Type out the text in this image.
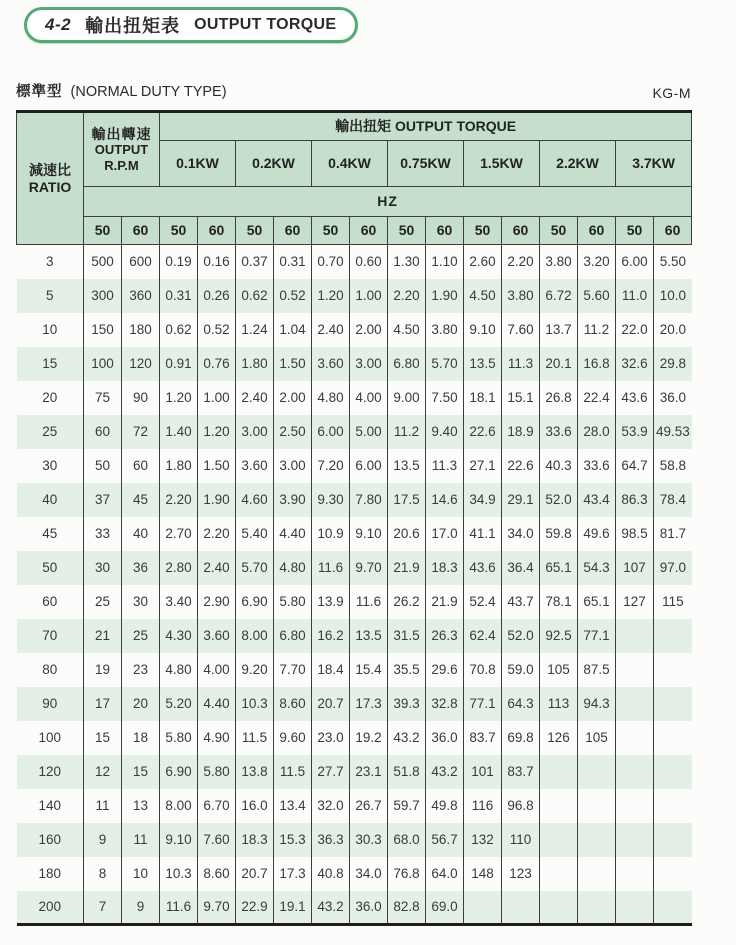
4-2 輸出扭矩表 OUTPUT TORQUE
標準型 (NORMAL DUTY TYPE)	KG-M
減速比
RATIO

輸出轉速
OUTPUT
R.P.M
	輸出扭矩 OUTPUT TORQUE
			0.1KW		0.2KW		0.4KW		0.75KW		1.5KW		2.2KW		3.7KW	
	HZ															
	50	60	50	60	50	60	50	60	50	60	50	60	50	60	50	60
3	500	600	0.19	0.16	0.37	0.31	0.70	0.60	1.30	1.10	2.60	2.20	3.80	3.20	6.00	5.50
5	300	360	0.31	0.26	0.62	0.52	1.20	1.00	2.20	1.90	4.50	3.80	6.72	5.60	11.0	10.0
10	150	180	0.62	0.52	1.24	1.04	2.40	2.00	4.50	3.80	9.10	7.60	13.7	11.2	22.0	20.0
15	100	120	0.91	0.76	1.80	1.50	3.60	3.00	6.80	5.70	13.5	11.3	20.1	16.8	32.6	29.8
20	75	90	1.20	1.00	2.40	2.00	4.80	4.00	9.00	7.50	18.1	15.1	26.8	22.4	43.6	36.0
25	60	72	1.40	1.20	3.00	2.50	6.00	5.00	11.2	9.40	22.6	18.9	33.6	28.0	53.9	49.53
30	50	60	1.80	1.50	3.60	3.00	7.20	6.00	13.5	11.3	27.1	22.6	40.3	33.6	64.7	58.8
40	37	45	2.20	1.90	4.60	3.90	9.30	7.80	17.5	14.6	34.9	29.1	52.0	43.4	86.3	78.4
45	33	40	2.70	2.20	5.40	4.40	10.9	9.10	20.6	17.0	41.1	34.0	59.8	49.6	98.5	81.7
50	30	36	2.80	2.40	5.70	4.80	11.6	9.70	21.9	18.3	43.6	36.4	65.1	54.3	107	97.0
60	25	30	3.40	2.90	6.90	5.80	13.9	11.6	26.2	21.9	52.4	43.7	78.1	65.1	127	115
70	21	25	4.30	3.60	8.00	6.80	16.2	13.5	31.5	26.3	62.4	52.0	92.5	77.1		
80	19	23	4.80	4.00	9.20	7.70	18.4	15.4	35.5	29.6	70.8	59.0	105	87.5		
90	17	20	5.20	4.40	10.3	8.60	20.7	17.3	39.3	32.8	77.1	64.3	113	94.3		
100	15	18	5.80	4.90	11.5	9.60	23.0	19.2	43.2	36.0	83.7	69.8	126	105		
120	12	15	6.90	5.80	13.8	11.5	27.7	23.1	51.8	43.2	101	83.7				
140	11	13	8.00	6.70	16.0	13.4	32.0	26.7	59.7	49.8	116	96.8				
160	9	11	9.10	7.60	18.3	15.3	36.3	30.3	68.0	56.7	132	110				
180	8	10	10.3	8.60	20.7	17.3	40.8	34.0	76.8	64.0	148	123				
200	7	9	11.6	9.70	22.9	19.1	43.2	36.0	82.8	69.0						
